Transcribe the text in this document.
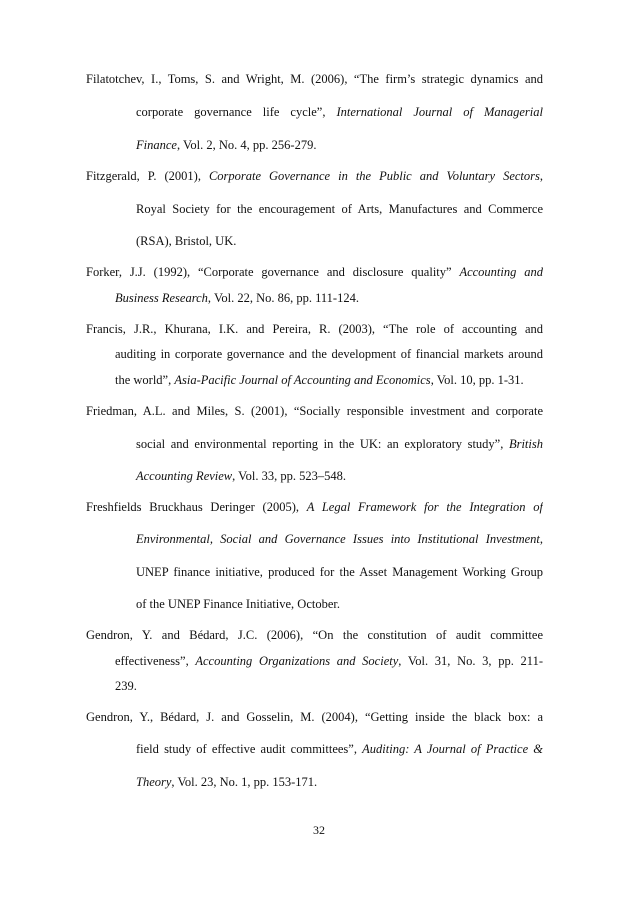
Filatotchev, I., Toms, S. and Wright, M. (2006), “The firm’s strategic dynamics and
corporate governance life cycle”, International Journal of Managerial
Finance, Vol. 2, No. 4, pp. 256-279.
Fitzgerald, P. (2001), Corporate Governance in the Public and Voluntary Sectors,
Royal Society for the encouragement of Arts, Manufactures and Commerce
(RSA), Bristol, UK.
Forker, J.J. (1992), “Corporate governance and disclosure quality” Accounting and
Business Research, Vol. 22, No. 86, pp. 111-124.
Francis, J.R., Khurana, I.K. and Pereira, R. (2003), “The role of accounting and
auditing in corporate governance and the development of financial markets around
the world”, Asia-Pacific Journal of Accounting and Economics, Vol. 10, pp. 1-31.
Friedman, A.L. and Miles, S. (2001), “Socially responsible investment and corporate
social and environmental reporting in the UK: an exploratory study”, British
Accounting Review, Vol. 33, pp. 523–548.
Freshfields Bruckhaus Deringer (2005), A Legal Framework for the Integration of
Environmental, Social and Governance Issues into Institutional Investment,
UNEP finance initiative, produced for the Asset Management Working Group
of the UNEP Finance Initiative, October.
Gendron, Y. and Bédard, J.C. (2006), “On the constitution of audit committee
effectiveness”, Accounting Organizations and Society, Vol. 31, No. 3, pp. 211-
239.
Gendron, Y., Bédard, J. and Gosselin, M. (2004), “Getting inside the black box: a
field study of effective audit committees”, Auditing: A Journal of Practice &
Theory, Vol. 23, No. 1, pp. 153-171.
32
